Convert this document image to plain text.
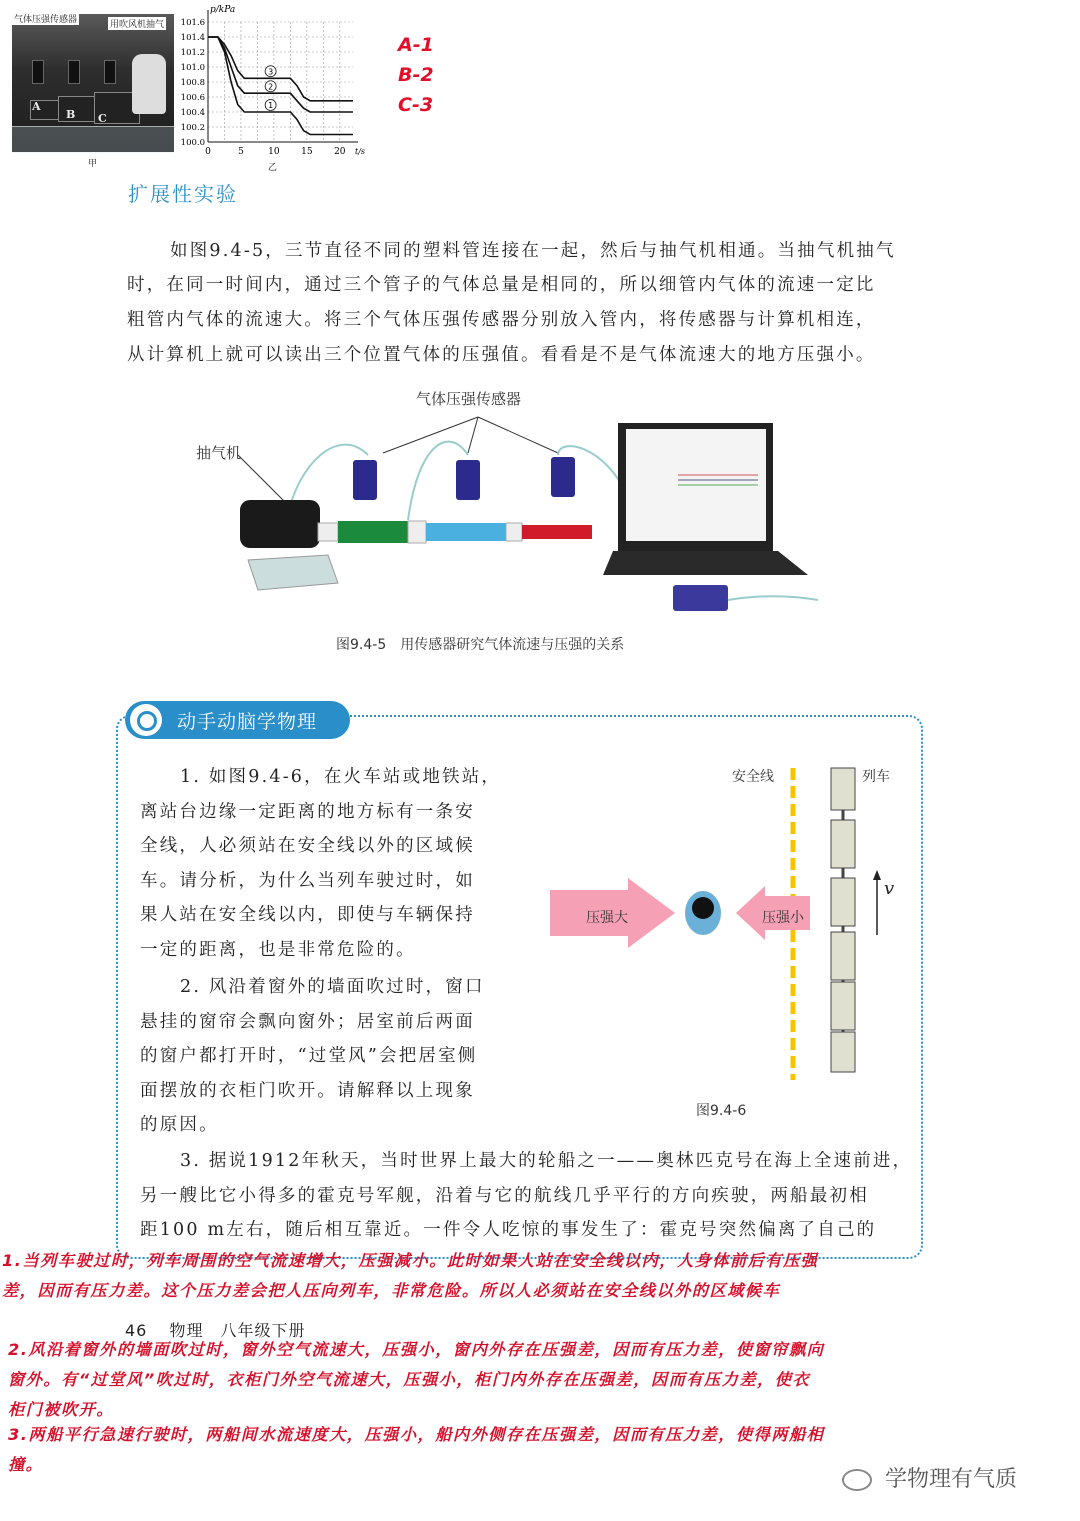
A
B C
气体压强传感器	用吹风机抽气
甲
100.0
100.2
100.4
100.6
100.8
101.0
101.2
101.4
101.6
0	5	10 15 20
p/kPa
t/s
1
2
3
乙
A-1
B-2
C-3
扩展性实验
如图9.4-5，三节直径不同的塑料管连接在一起，然后与抽气机相通。当抽气机抽气
时，在同一时间内，通过三个管子的气体总量是相同的，所以细管内气体的流速一定比
粗管内气体的流速大。将三个气体压强传感器分别放入管内，将传感器与计算机相连，
从计算机上就可以读出三个位置气体的压强值。看看是不是气体流速大的地方压强小。
气体压强传感器
抽气机
图9.4-5　用传感器研究气体流速与压强的关系
动手动脑学物理
1. 如图9.4-6，在火车站或地铁站，
离站台边缘一定距离的地方标有一条安
全线，人必须站在安全线以外的区域候
车。请分析，为什么当列车驶过时，如
果人站在安全线以内，即使与车辆保持
一定的距离，也是非常危险的。
2. 风沿着窗外的墙面吹过时，窗口
悬挂的窗帘会飘向窗外；居室前后两面
的窗户都打开时，“过堂风”会把居室侧
面摆放的衣柜门吹开。请解释以上现象
的原因。
3. 据说1912年秋天，当时世界上最大的轮船之一——奥林匹克号在海上全速前进，
另一艘比它小得多的霍克号军舰，沿着与它的航线几乎平行的方向疾驶，两船最初相
距100 m左右，随后相互靠近。一件令人吃惊的事发生了：霍克号突然偏离了自己的
安全线	列车
压强大	压强小
v
图9.4-6
1.当列车驶过时，列车周围的空气流速增大，压强减小。此时如果人站在安全线以内，人身体前后有压强
差，因而有压力差。这个压力差会把人压向列车，非常危险。所以人必须站在安全线以外的区域候车
46 物理　八年级下册
2.风沿着窗外的墙面吹过时，窗外空气流速大，压强小，窗内外存在压强差，因而有压力差，使窗帘飘向
窗外。有“过堂风”吹过时，衣柜门外空气流速大，压强小，柜门内外存在压强差，因而有压力差，使衣
柜门被吹开。
3.两船平行急速行驶时，两船间水流速度大，压强小，船内外侧存在压强差，因而有压力差，使得两船相
撞。
学物理有气质
